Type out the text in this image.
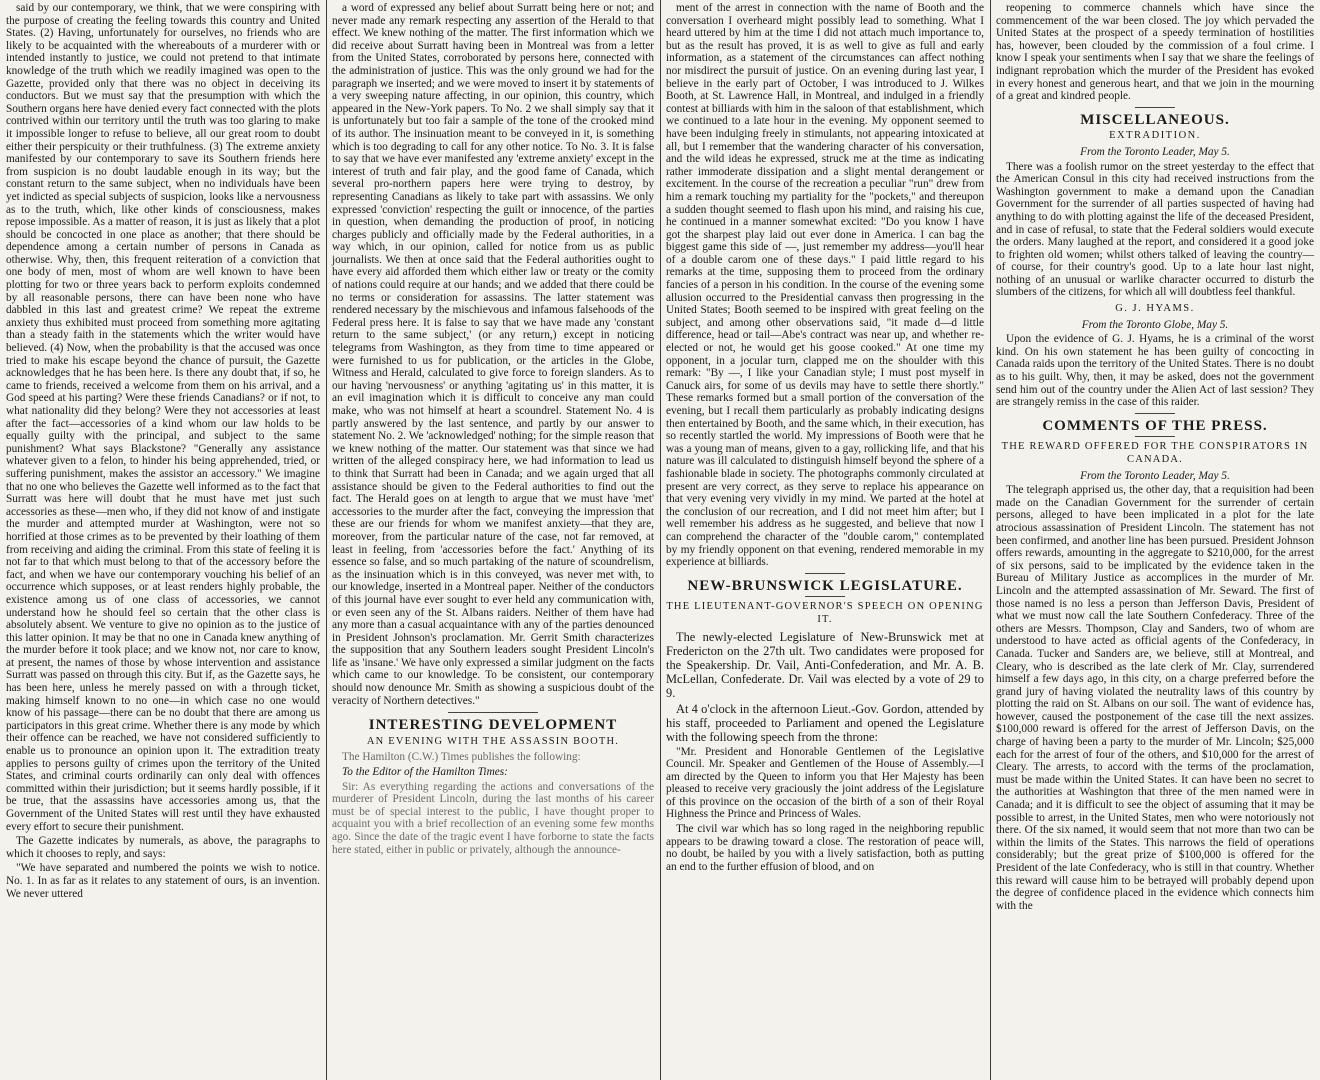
said by our contemporary, we think, that we were conspiring with the purpose of creating the feeling towards this country and United States. (2) Having, unfortunately for ourselves, no friends who are likely to be acquainted with the whereabouts of a murderer with or intended instantly to justice, we could not pretend to that intimate knowledge of the truth which we readily imagined was open to the Gazette, provided only that there was no object in deceiving its conductors. But we must say that the presumption with which the Southern organs here have denied every fact connected with the plots contrived within our territory until the truth was too glaring to make it impossible longer to refuse to believe, all our great room to doubt either their perspicuity or their truthfulness. (3) The extreme anxiety manifested by our contemporary to save its Southern friends here from suspicion is no doubt laudable enough in its way; but the constant return to the same subject, when no individuals have been yet indicted as special subjects of suspicion, looks like a nervousness as to the truth, which, like other kinds of consciousness, makes repose impossible. As a matter of reason, it is just as likely that a plot should be concocted in one place as another; that there should be dependence among a certain number of persons in Canada as otherwise. Why, then, this frequent reiteration of a conviction that one body of men, most of whom are well known to have been plotting for two or three years back to perform exploits condemned by all reasonable persons, there can have been none who have dabbled in this last and greatest crime? We repeat the extreme anxiety thus exhibited must proceed from something more agitating than a steady faith in the statements which the writer would have believed. (4) Now, when the probability is that the accused was once tried to make his escape beyond the chance of pursuit, the Gazette acknowledges that he has been here. Is there any doubt that, if so, he came to friends, received a welcome from them on his arrival, and a God speed at his parting? Were these friends Canadians? or if not, to what nationality did they belong? Were they not accessories at least after the fact—accessories of a kind whom our law holds to be equally guilty with the principal, and subject to the same punishment? What says Blackstone? "Generally any assistance whatever given to a felon, to hinder his being apprehended, tried, or suffering punishment, makes the assistor an accessory." We imagine that no one who believes the Gazette well informed as to the fact that Surratt was here will doubt that he must have met just such accessories as these—men who, if they did not know of and instigate the murder and attempted murder at Washington, were not so horrified at those crimes as to be prevented by their loathing of them from receiving and aiding the criminal. From this state of feeling it is not far to that which must belong to that of the accessory before the fact, and when we have our contemporary vouching his belief of an occurrence which supposes, or at least renders highly probable, the existence among us of one class of accessories, we cannot understand how he should feel so certain that the other class is absolutely absent. We venture to give no opinion as to the justice of this latter opinion. It may be that no one in Canada knew anything of the murder before it took place; and we know not, nor care to know, at present, the names of those by whose intervention and assistance Surratt was passed on through this city. But if, as the Gazette says, he has been here, unless he merely passed on with a through ticket, making himself known to no one—in which case no one would know of his passage—there can be no doubt that there are among us participators in this great crime. Whether there is any mode by which their offence can be reached, we have not considered sufficiently to enable us to pronounce an opinion upon it. The extradition treaty applies to persons guilty of crimes upon the territory of the United States, and criminal courts ordinarily can only deal with offences committed within their jurisdiction; but it seems hardly possible, if it be true, that the assassins have accessories among us, that the Government of the United States will rest until they have exhausted every effort to secure their punishment.

The Gazette indicates by numerals, as above, the paragraphs to which it chooses to reply, and says:

"We have separated and numbered the points we wish to notice. No. 1. In as far as it relates to any statement of ours, is an invention. We never uttered

a word of expressed any belief about Surratt being here or not; and never made any remark respecting any assertion of the Herald to that effect. We knew nothing of the matter. The first information which we did receive about Surratt having been in Montreal was from a letter from the United States, corroborated by persons here, connected with the administration of justice. This was the only ground we had for the paragraph we inserted; and we were moved to insert it by statements of a very sweeping nature affecting, in our opinion, this country, which appeared in the New-York papers. To No. 2 we shall simply say that it is unfortunately but too fair a sample of the tone of the crooked mind of its author. The insinuation meant to be conveyed in it, is something which is too degrading to call for any other notice. To No. 3. It is false to say that we have ever manifested any 'extreme anxiety' except in the interest of truth and fair play, and the good fame of Canada, which several pro-northern papers here were trying to destroy, by representing Canadians as likely to take part with assassins. We only expressed 'conviction' respecting the guilt or innocence, of the parties in question, when demanding the production of proof, in noticing charges publicly and officially made by the Federal authorities, in a way which, in our opinion, called for notice from us as public journalists. We then at once said that the Federal authorities ought to have every aid afforded them which either law or treaty or the comity of nations could require at our hands; and we added that there could be no terms or consideration for assassins. The latter statement was rendered necessary by the mischievous and infamous falsehoods of the Federal press here. It is false to say that we have made any 'constant return to the same subject,' (or any return,) except in noticing telegrams from Washington, as they from time to time appeared or were furnished to us for publication, or the articles in the Globe, Witness and Herald, calculated to give force to foreign slanders. As to our having 'nervousness' or anything 'agitating us' in this matter, it is an evil imagination which it is difficult to conceive any man could make, who was not himself at heart a scoundrel. Statement No. 4 is partly answered by the last sentence, and partly by our answer to statement No. 2. We 'acknowledged' nothing; for the simple reason that we knew nothing of the matter. Our statement was that since we had written of the alleged conspiracy here, we had information to lead us to think that Surratt had been in Canada; and we again urged that all assistance should be given to the Federal authorities to find out the fact. The Herald goes on at length to argue that we must have 'met' accessories to the murder after the fact, conveying the impression that these are our friends for whom we manifest anxiety—that they are, moreover, from the particular nature of the case, not far removed, at least in feeling, from 'accessories before the fact.' Anything of its essence so false, and so much partaking of the nature of scoundrelism, as the insinuation which is in this conveyed, was never met with, to our knowledge, inserted in a Montreal paper. Neither of the conductors of this journal have ever sought to ever held any communication with, or even seen any of the St. Albans raiders. Neither of them have had any more than a casual acquaintance with any of the parties denounced in President Johnson's proclamation. Mr. Gerrit Smith characterizes the supposition that any Southern leaders sought President Lincoln's life as 'insane.' We have only expressed a similar judgment on the facts which came to our knowledge. To be consistent, our contemporary should now denounce Mr. Smith as showing a suspicious doubt of the veracity of Northern detectives."

INTERESTING DEVELOPMENT
AN EVENING WITH THE ASSASSIN BOOTH.

The Hamilton (C.W.) Times publishes the following:

To the Editor of the Hamilton Times:

Sir: As everything regarding the actions and conversations of the murderer of President Lincoln, during the last months of his career must be of special interest to the public, I have thought proper to acquaint you with a brief recollection of an evening some few months ago. Since the date of the tragic event I have forborne to state the facts here stated, either in public or privately, although the announce-

ment of the arrest in connection with the name of Booth and the conversation I overheard might possibly lead to something. What I heard uttered by him at the time I did not attach much importance to, but as the result has proved, it is as well to give as full and early information, as a statement of the circumstances can affect nothing nor misdirect the pursuit of justice. On an evening during last year, I believe in the early part of October, I was introduced to J. Wilkes Booth, at St. Lawrence Hall, in Montreal, and indulged in a friendly contest at billiards with him in the saloon of that establishment, which we continued to a late hour in the evening. My opponent seemed to have been indulging freely in stimulants, not appearing intoxicated at all, but I remember that the wandering character of his conversation, and the wild ideas he expressed, struck me at the time as indicating rather immoderate dissipation and a slight mental derangement or excitement. In the course of the recreation a peculiar "run" drew from him a remark touching my partiality for the "pockets," and thereupon a sudden thought seemed to flash upon his mind, and raising his cue, he continued in a manner somewhat excited: "Do you know I have got the sharpest play laid out ever done in America. I can bag the biggest game this side of —, just remember my address—you'll hear of a double carom one of these days." I paid little regard to his remarks at the time, supposing them to proceed from the ordinary fancies of a person in his condition. In the course of the evening some allusion occurred to the Presidential canvass then progressing in the United States; Booth seemed to be inspired with great feeling on the subject, and among other observations said, "it made d—d little difference, head or tail—Abe's contract was near up, and whether re-elected or not, he would get his goose cooked." At one time my opponent, in a jocular turn, clapped me on the shoulder with this remark: "By —, I like your Canadian style; I must post myself in Canuck airs, for some of us devils may have to settle there shortly." These remarks formed but a small portion of the conversation of the evening, but I recall them particularly as probably indicating designs then entertained by Booth, and the same which, in their execution, has so recently startled the world. My impressions of Booth were that he was a young man of means, given to a gay, rollicking life, and that his nature was ill calculated to distinguish himself beyond the sphere of a fashionable blade in society. The photographs commonly circulated at present are very correct, as they serve to replace his appearance on that very evening very vividly in my mind. We parted at the hotel at the conclusion of our recreation, and I did not meet him after; but I well remember his address as he suggested, and believe that now I can comprehend the character of the "double carom," contemplated by my friendly opponent on that evening, rendered memorable in my experience at billiards.

NEW-BRUNSWICK LEGISLATURE.
THE LIEUTENANT-GOVERNOR'S SPEECH ON OPENING IT.

The newly-elected Legislature of New-Brunswick met at Fredericton on the 27th ult. Two candidates were proposed for the Speakership. Dr. Vail, Anti-Confederation, and Mr. A. B. McLellan, Confederate. Dr. Vail was elected by a vote of 29 to 9.

At 4 o'clock in the afternoon Lieut.-Gov. Gordon, attended by his staff, proceeded to Parliament and opened the Legislature with the following speech from the throne:

"Mr. President and Honorable Gentlemen of the Legislative Council. Mr. Speaker and Gentlemen of the House of Assembly.—I am directed by the Queen to inform you that Her Majesty has been pleased to receive very graciously the joint address of the Legislature of this province on the occasion of the birth of a son of their Royal Highness the Prince and Princess of Wales.

The civil war which has so long raged in the neighboring republic appears to be drawing toward a close. The restoration of peace will, no doubt, be hailed by you with a lively satisfaction, both as putting an end to the further effusion of blood, and on

reopening to commerce channels which have since the commencement of the war been closed. The joy which pervaded the United States at the prospect of a speedy termination of hostilities has, however, been clouded by the commission of a foul crime. I know I speak your sentiments when I say that we share the feelings of indignant reprobation which the murder of the President has evoked in every honest and generous heart, and that we join in the mourning of a great and kindred people.

MISCELLANEOUS.
EXTRADITION.
From the Toronto Leader, May 5.

There was a foolish rumor on the street yesterday to the effect that the American Consul in this city had received instructions from the Washington government to make a demand upon the Canadian Government for the surrender of all parties suspected of having had anything to do with plotting against the life of the deceased President, and in case of refusal, to state that the Federal soldiers would execute the orders. Many laughed at the report, and considered it a good joke to frighten old women; whilst others talked of leaving the country—of course, for their country's good. Up to a late hour last night, nothing of an unusual or warlike character occurred to disturb the slumbers of the citizens, for which all will doubtless feel thankful.

G. J. HYAMS.
From the Toronto Globe, May 5.

Upon the evidence of G. J. Hyams, he is a criminal of the worst kind. On his own statement he has been guilty of concocting in Canada raids upon the territory of the United States. There is no doubt as to his guilt. Why, then, it may be asked, does not the government send him out of the country under the Alien Act of last session? They are strangely remiss in the case of this raider.

COMMENTS OF THE PRESS.
THE REWARD OFFERED FOR THE CONSPIRATORS IN CANADA.
From the Toronto Leader, May 5.

The telegraph apprised us, the other day, that a requisition had been made on the Canadian Government for the surrender of certain persons, alleged to have been implicated in a plot for the late atrocious assassination of President Lincoln. The statement has not been confirmed, and another line has been pursued. President Johnson offers rewards, amounting in the aggregate to $210,000, for the arrest of six persons, said to be implicated by the evidence taken in the Bureau of Military Justice as accomplices in the murder of Mr. Lincoln and the attempted assassination of Mr. Seward. The first of those named is no less a person than Jefferson Davis, President of what we must now call the late Southern Confederacy. Three of the others are Messrs. Thompson, Clay and Sanders, two of whom are understood to have acted as official agents of the Confederacy, in Canada. Tucker and Sanders are, we believe, still at Montreal, and Cleary, who is described as the late clerk of Mr. Clay, surrendered himself a few days ago, in this city, on a charge preferred before the grand jury of having violated the neutrality laws of this country by plotting the raid on St. Albans on our soil. The want of evidence has, however, caused the postponement of the case till the next assizes. $100,000 reward is offered for the arrest of Jefferson Davis, on the charge of having been a party to the murder of Mr. Lincoln; $25,000 each for the arrest of four of the others, and $10,000 for the arrest of Cleary. The arrests, to accord with the terms of the proclamation, must be made within the United States. It can have been no secret to the authorities at Washington that three of the men named were in Canada; and it is difficult to see the object of assuming that it may be possible to arrest, in the United States, men who were notoriously not there. Of the six named, it would seem that not more than two can be within the limits of the States. This narrows the field of operations considerably; but the great prize of $100,000 is offered for the President of the late Confederacy, who is still in that country. Whether this reward will cause him to be betrayed will probably depend upon the degree of confidence placed in the evidence which connects him with the
